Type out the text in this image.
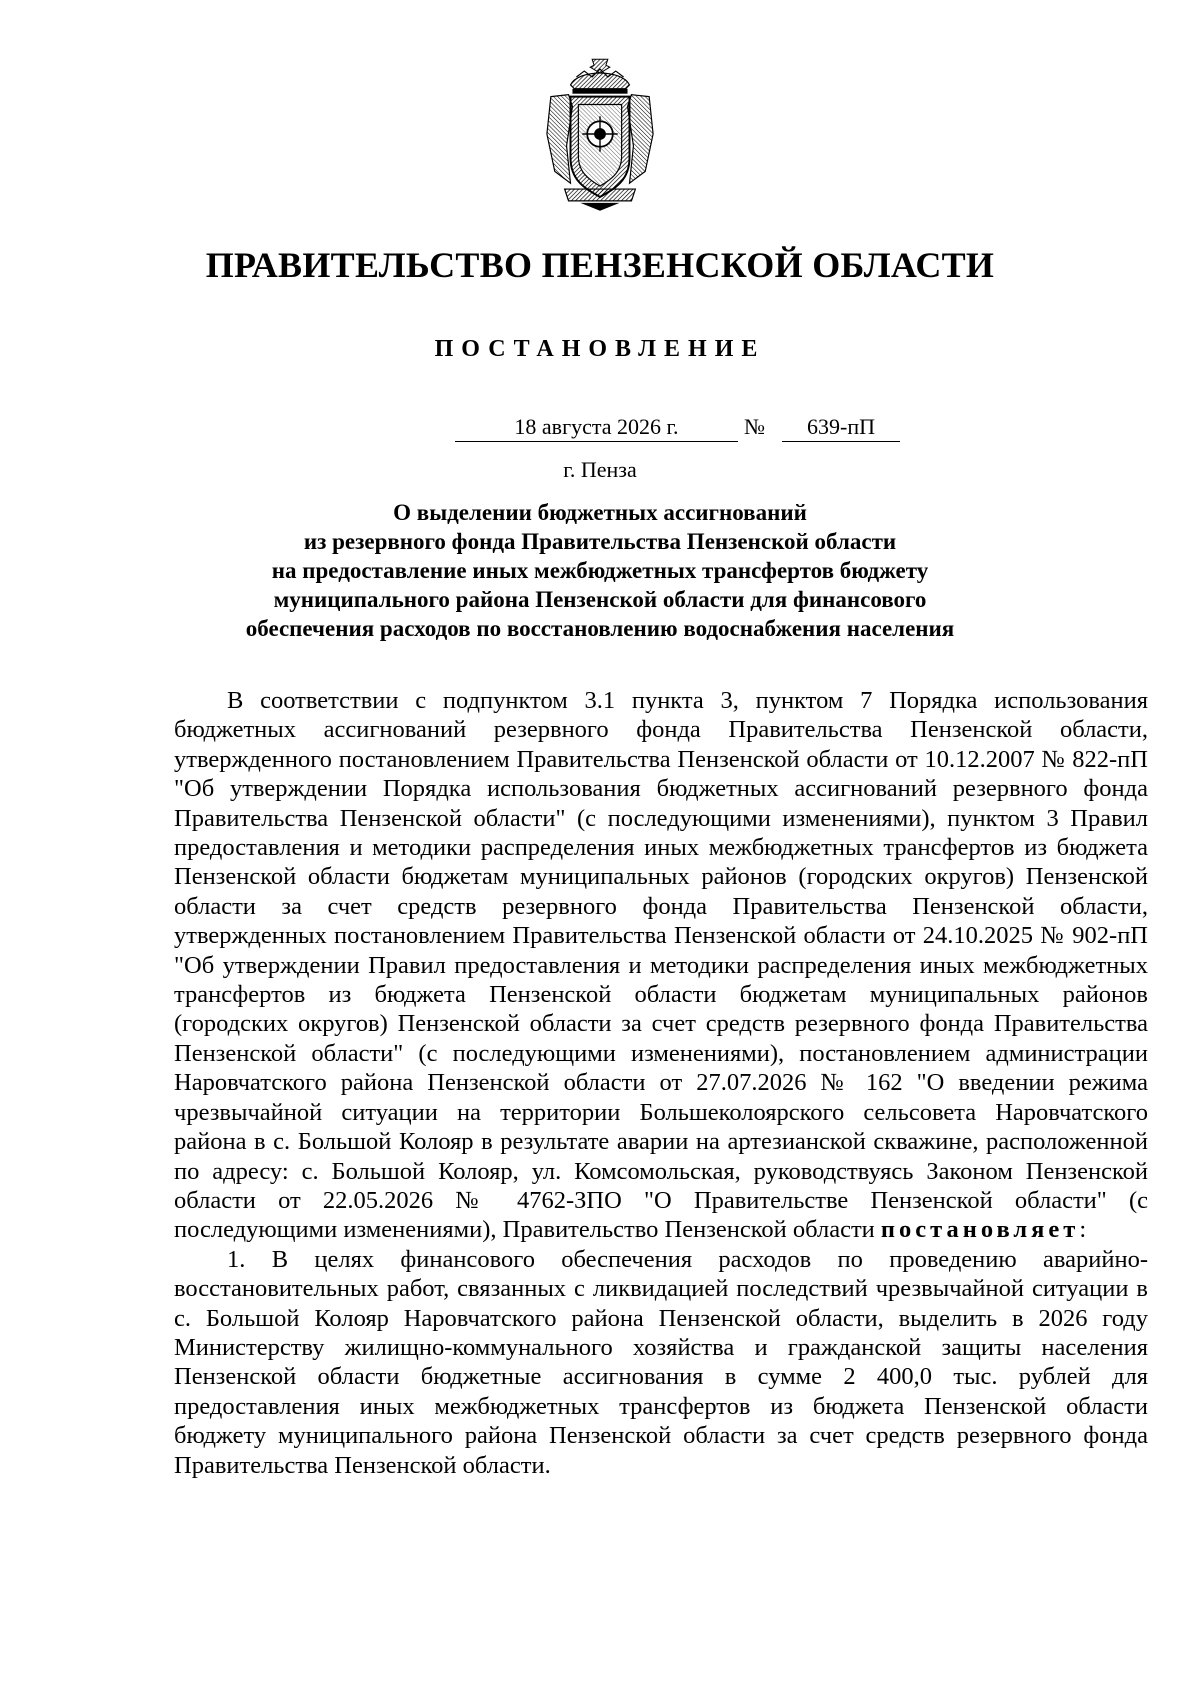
ПРАВИТЕЛЬСТВО ПЕНЗЕНСКОЙ ОБЛАСТИ
ПОСТАНОВЛЕНИЕ
18 августа 2026 г.	№	639-пП
г. Пенза
О выделении бюджетных ассигнований
из резервного фонда Правительства Пензенской области
на предоставление иных межбюджетных трансфертов бюджету
муниципального района Пензенской области для финансового
обеспечения расходов по восстановлению водоснабжения населения

В соответствии с подпунктом 3.1 пункта 3, пунктом 7 Порядка использования бюджетных ассигнований резервного фонда Правительства Пензенской области, утвержденного постановлением Правительства Пензенской области от 10.12.2007 № 822-пП "Об утверждении Порядка использования бюджетных ассигнований резервного фонда Правительства Пензенской области" (с последующими изменениями), пунктом 3 Правил предоставления и методики распределения иных межбюджетных трансфертов из бюджета Пензенской области бюджетам муниципальных районов (городских округов) Пензенской области за счет средств резервного фонда Правительства Пензенской области, утвержденных постановлением Правительства Пензенской области от 24.10.2025 № 902-пП "Об утверждении Правил предоставления и методики распределения иных межбюджетных трансфертов из бюджета Пензенской области бюджетам муниципальных районов (городских округов) Пензенской области за счет средств резервного фонда Правительства Пензенской области" (с последующими изменениями), постановлением администрации Наровчатского района Пензенской области от 27.07.2026 № 162 "О введении режима чрезвычайной ситуации на территории Большеколоярского сельсовета Наровчатского района в с. Большой Колояр в результате аварии на артезианской скважине, расположенной по адресу: с. Большой Колояр, ул. Комсомольская, руководствуясь Законом Пензенской области от 22.05.2026 № 4762-ЗПО "О Правительстве Пензенской области" (с последующими изменениями), Правительство Пензенской области постановляет:

1. В целях финансового обеспечения расходов по проведению аварийно-восстановительных работ, связанных с ликвидацией последствий чрезвычайной ситуации в с. Большой Колояр Наровчатского района Пензенской области, выделить в 2026 году Министерству жилищно-коммунального хозяйства и гражданской защиты населения Пензенской области бюджетные ассигнования в сумме 2 400,0 тыс. рублей для предоставления иных межбюджетных трансфертов из бюджета Пензенской области бюджету муниципального района Пензенской области за счет средств резервного фонда Правительства Пензенской области.
